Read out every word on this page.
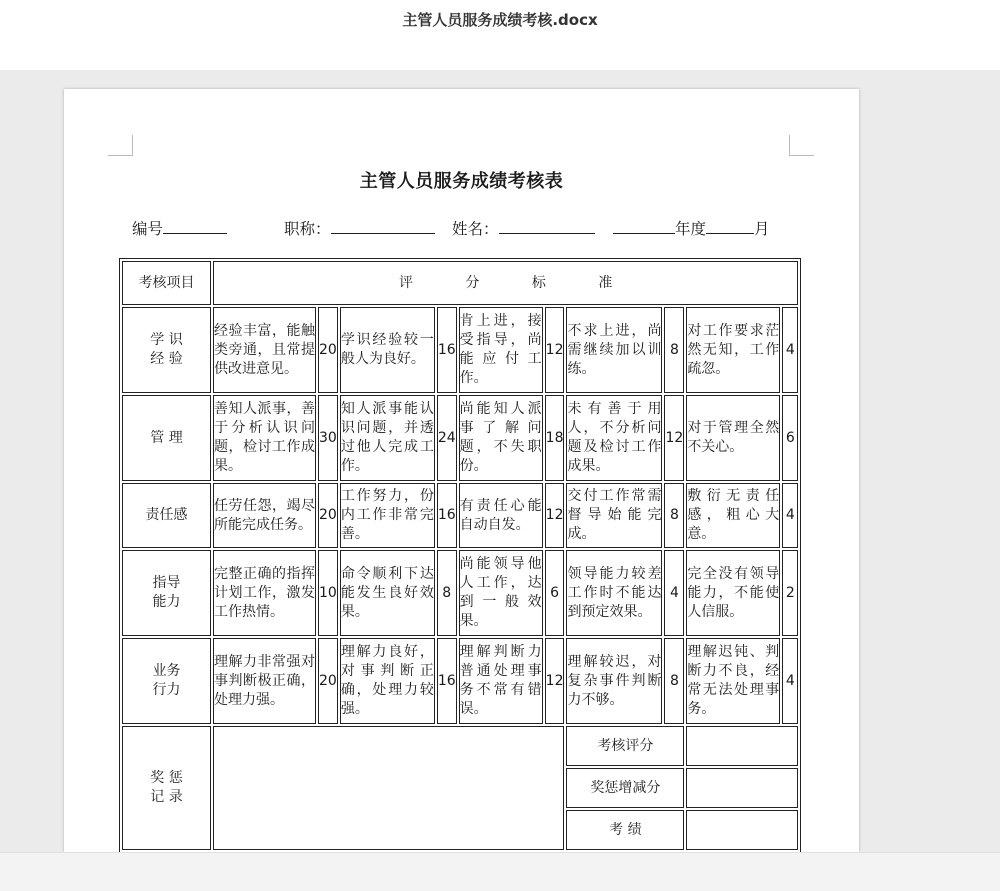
主管人员服务成绩考核.docx
主管人员服务成绩考核表
编号	职称：	姓名：	年度	月
考核项目	评 分 标 准									

学 识
经 验	经验丰富，能触类旁通，且常提供改进意见。	20	学识经验较一般人为良好。	16	肯上进，接受指导，尚能应付工作。	12	不求上进，尚需继续加以训练。	8	对工作要求茫然无知，工作疏忽。	4

管 理	善知人派事，善于分析认识问题，检讨工作成果。	30	知人派事能认识问题，并透过他人完成工作。	24	尚能知人派事了解问题，不失职份。	18	未有善于用人，不分析问题及检讨工作成果。	12	对于管理全然不关心。	6

责任感	任劳任怨，竭尽所能完成任务。	20	工作努力，份内工作非常完善。	16	有责任心能自动自发。	12	交付工作常需督导始能完成。	8	敷衍无责任感，粗心大意。	4

指导
能力	完整正确的指挥计划工作，激发工作热情。	10	命令顺利下达能发生良好效果。	8	尚能领导他人工作，达到一般效果。	6	领导能力较差工作时不能达到预定效果。	4	完全没有领导能力，不能使人信服。	2

业务
行力	理解力非常强对事判断极正确，处理力强。	20	理解力良好，对事判断正确，处理力较强。	16	理解判断力普通处理事务不常有错误。	12	理解较迟，对复杂事件判断力不够。	8	理解迟钝、判断力不良，经常无法处理事务。	4

奖 惩
记 录							考核评分			
							奖惩增减分			
							考 绩			
